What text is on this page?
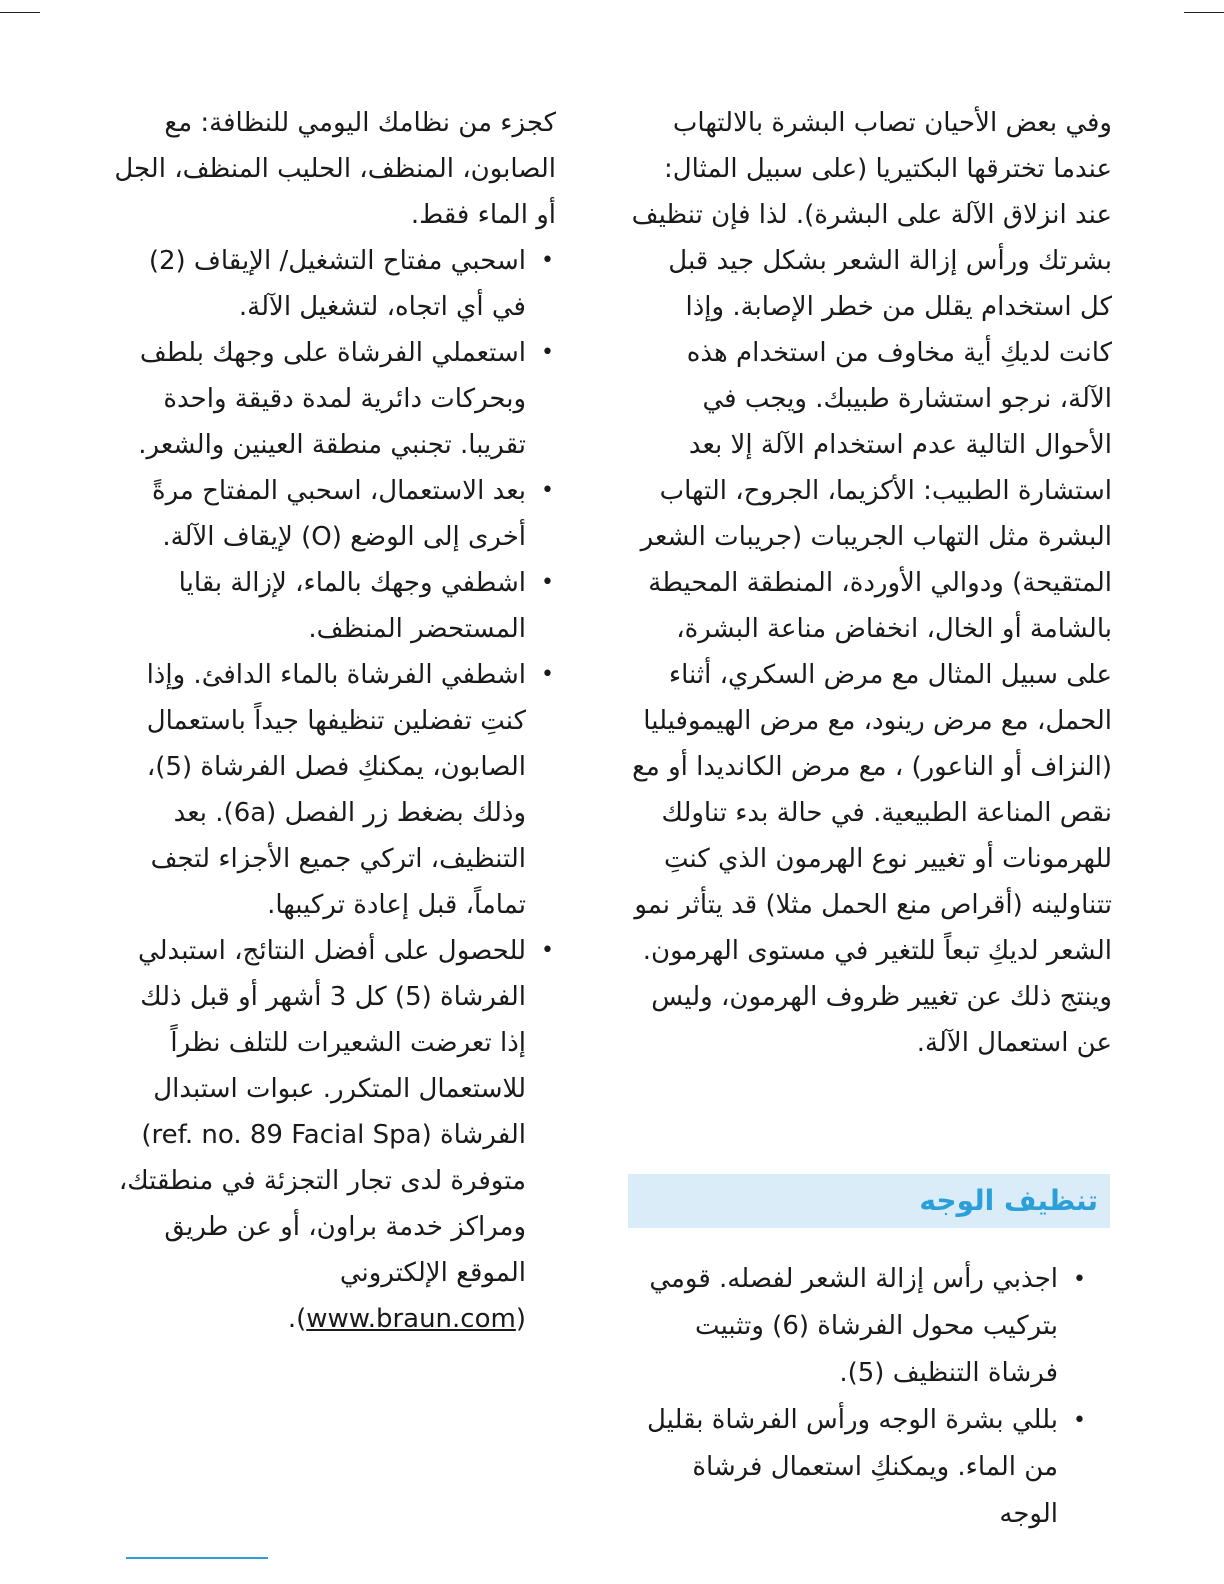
وفي بعض الأحيان تصاب البشرة بالالتهاب عندما تخترقها البكتيريا (على سبيل المثال: عند انزلاق الآلة على البشرة). لذا فإن تنظيف بشرتك ورأس إزالة الشعر بشكل جيد قبل كل استخدام يقلل من خطر الإصابة. وإذا كانت لديكِ أية مخاوف من استخدام هذه الآلة، نرجو استشارة طبيبك. ويجب في الأحوال التالية عدم استخدام الآلة إلا بعد استشارة الطبيب: الأكزيما، الجروح، التهاب البشرة مثل التهاب الجريبات (جريبات الشعر المتقيحة) ودوالي الأوردة، المنطقة المحيطة بالشامة أو الخال، انخفاض مناعة البشرة، على سبيل المثال مع مرض السكري، أثناء الحمل، مع مرض رينود، مع مرض الهيموفيليا (النزاف أو الناعور) ، مع مرض الكانديدا أو مع نقص المناعة الطبيعية. في حالة بدء تناولك للهرمونات أو تغيير نوع الهرمون الذي كنتِ تتناولينه (أقراص منع الحمل مثلا) قد يتأثر نمو الشعر لديكِ تبعاً للتغير في مستوى الهرمون. وينتج ذلك عن تغيير ظروف الهرمون، وليس عن استعمال الآلة.

تنظيف الوجه
•
اجذبي رأس إزالة الشعر لفصله. قومي بتركيب محول الفرشاة (6) وتثبيت فرشاة التنظيف (5).
•
بللي بشرة الوجه ورأس الفرشاة بقليل من الماء. ويمكنكِ استعمال فرشاة الوجه

كجزء من نظامك اليومي للنظافة: مع الصابون، المنظف، الحليب المنظف، الجل أو الماء فقط.

•
اسحبي مفتاح التشغيل/ الإيقاف (2) في أي اتجاه، لتشغيل الآلة.
•
استعملي الفرشاة على وجهك بلطف وبحركات دائرية لمدة دقيقة واحدة تقريبا. تجنبي منطقة العينين والشعر.
•
بعد الاستعمال، اسحبي المفتاح مرةً أخرى إلى الوضع (O) لإيقاف الآلة.
•
اشطفي وجهك بالماء، لإزالة بقايا المستحضر المنظف.
•
اشطفي الفرشاة بالماء الدافئ. وإذا كنتِ تفضلين تنظيفها جيداً باستعمال الصابون، يمكنكِ فصل الفرشاة (5)، وذلك بضغط زر الفصل (6a). بعد التنظيف، اتركي جميع الأجزاء لتجف تماماً، قبل إعادة تركيبها.
•
للحصول على أفضل النتائج، استبدلي الفرشاة (5) كل 3 أشهر أو قبل ذلك إذا تعرضت الشعيرات للتلف نظراً للاستعمال المتكرر. عبوات استبدال الفرشاة (ref. no. 89 Facial Spa) متوفرة لدى تجار التجزئة في منطقتك، ومراكز خدمة براون، أو عن طريق الموقع الإلكتروني (www.braun.com).
